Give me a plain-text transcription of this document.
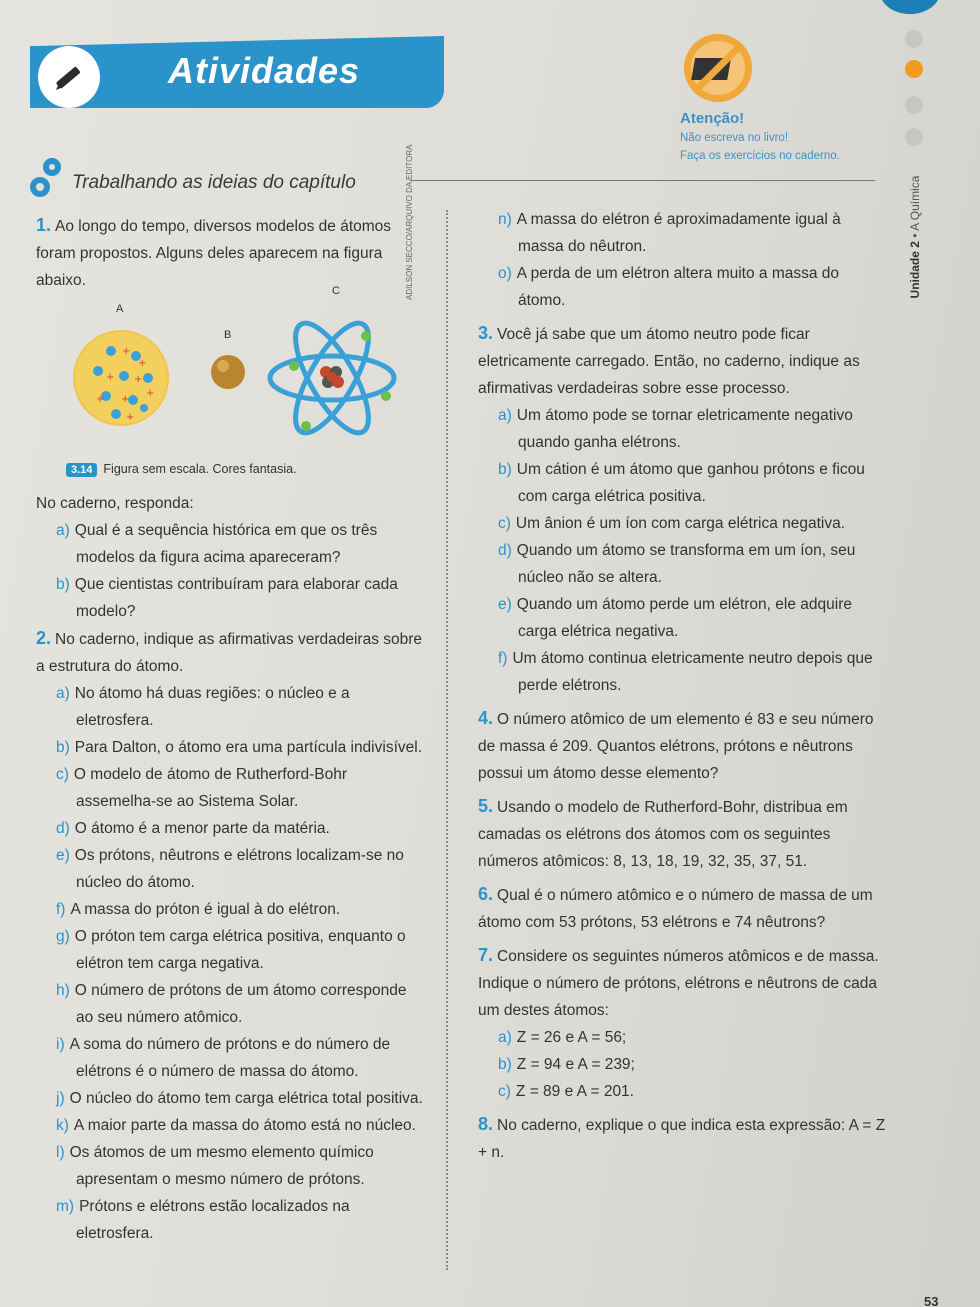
Atividades
Atenção!
Não escreva no livro!
Faça os exercícios no caderno.
Unidade 2 • A Química
Trabalhando as ideias do capítulo

1. Ao longo do tempo, diversos modelos de átomos foram propostos. Alguns deles aparecem na figura abaixo.

A
B
C
+
+ +
+ +
+
+
+

3.14 Figura sem escala. Cores fantasia.

No caderno, responda:

a) Qual é a sequência histórica em que os três modelos da figura acima apareceram?

b) Que cientistas contribuíram para elaborar cada modelo?

2. No caderno, indique as afirmativas verdadeiras sobre a estrutura do átomo.

a) No átomo há duas regiões: o núcleo e a eletrosfera.

b) Para Dalton, o átomo era uma partícula indivisível.

c) O modelo de átomo de Rutherford-Bohr assemelha-se ao Sistema Solar.

d) O átomo é a menor parte da matéria.

e) Os prótons, nêutrons e elétrons localizam-se no núcleo do átomo.

f) A massa do próton é igual à do elétron.

g) O próton tem carga elétrica positiva, enquanto o elétron tem carga negativa.

h) O número de prótons de um átomo corresponde ao seu número atômico.

i) A soma do número de prótons e do número de elétrons é o número de massa do átomo.

j) O núcleo do átomo tem carga elétrica total positiva.

k) A maior parte da massa do átomo está no núcleo.

l) Os átomos de um mesmo elemento químico apresentam o mesmo número de prótons.

m) Prótons e elétrons estão localizados na eletrosfera.

n) A massa do elétron é aproximadamente igual à massa do nêutron.

o) A perda de um elétron altera muito a massa do átomo.

3. Você já sabe que um átomo neutro pode ficar eletricamente carregado. Então, no caderno, indique as afirmativas verdadeiras sobre esse processo.

a) Um átomo pode se tornar eletricamente negativo quando ganha elétrons.

b) Um cátion é um átomo que ganhou prótons e ficou com carga elétrica positiva.

c) Um ânion é um íon com carga elétrica negativa.

d) Quando um átomo se transforma em um íon, seu núcleo não se altera.

e) Quando um átomo perde um elétron, ele adquire carga elétrica negativa.

f) Um átomo continua eletricamente neutro depois que perde elétrons.

4. O número atômico de um elemento é 83 e seu número de massa é 209. Quantos elétrons, prótons e nêutrons possui um átomo desse elemento?

5. Usando o modelo de Rutherford-Bohr, distribua em camadas os elétrons dos átomos com os seguintes números atômicos: 8, 13, 18, 19, 32, 35, 37, 51.

6. Qual é o número atômico e o número de massa de um átomo com 53 prótons, 53 elétrons e 74 nêutrons?

7. Considere os seguintes números atômicos e de massa. Indique o número de prótons, elétrons e nêutrons de cada um destes átomos:

a) Z = 26 e A = 56;

b) Z = 94 e A = 239;

c) Z = 89 e A = 201.

8. No caderno, explique o que indica esta expressão: A = Z + n.

ADILSON SECCO/ARQUIVO DA EDITORA
53
